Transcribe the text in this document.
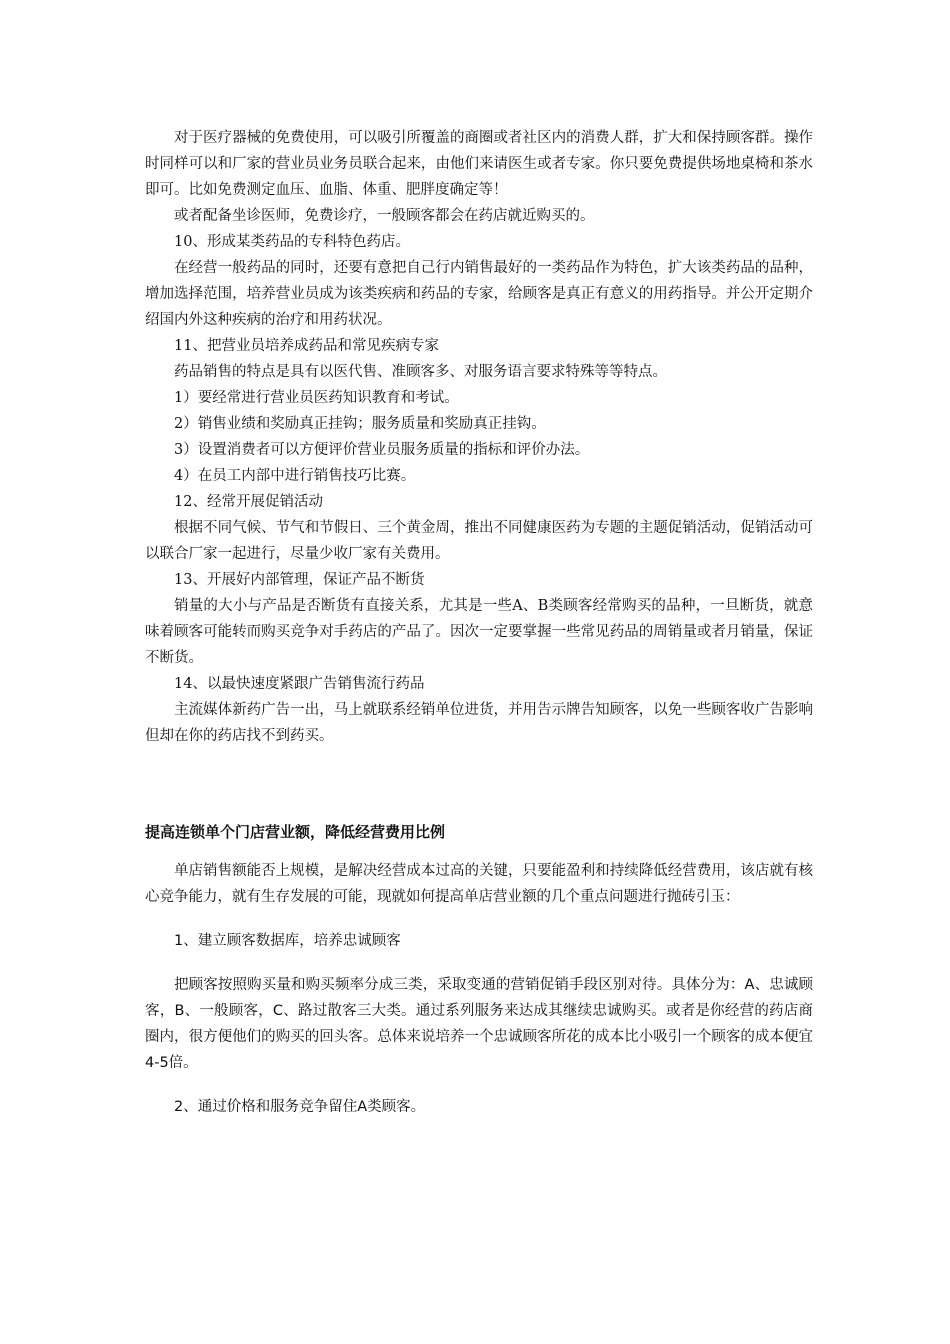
对于医疗器械的免费使用，可以吸引所覆盖的商圈或者社区内的消费人群，扩大和保持顾客群。操作时同样可以和厂家的营业员业务员联合起来，由他们来请医生或者专家。你只要免费提供场地桌椅和茶水即可。比如免费测定血压、血脂、体重、肥胖度确定等！

或者配备坐诊医师，免费诊疗，一般顾客都会在药店就近购买的。

10、形成某类药品的专科特色药店。

在经营一般药品的同时，还要有意把自己行内销售最好的一类药品作为特色，扩大该类药品的品种，增加选择范围，培养营业员成为该类疾病和药品的专家，给顾客是真正有意义的用药指导。并公开定期介绍国内外这种疾病的治疗和用药状况。

11、把营业员培养成药品和常见疾病专家

药品销售的特点是具有以医代售、准顾客多、对服务语言要求特殊等等特点。

1）要经常进行营业员医药知识教育和考试。

2）销售业绩和奖励真正挂钩；服务质量和奖励真正挂钩。

3）设置消费者可以方便评价营业员服务质量的指标和评价办法。

4）在员工内部中进行销售技巧比赛。

12、经常开展促销活动

根据不同气候、节气和节假日、三个黄金周，推出不同健康医药为专题的主题促销活动，促销活动可以联合厂家一起进行，尽量少收厂家有关费用。

13、开展好内部管理，保证产品不断货

销量的大小与产品是否断货有直接关系，尤其是一些A、B类顾客经常购买的品种，一旦断货，就意味着顾客可能转而购买竞争对手药店的产品了。因次一定要掌握一些常见药品的周销量或者月销量，保证不断货。

14、以最快速度紧跟广告销售流行药品

主流媒体新药广告一出，马上就联系经销单位进货，并用告示牌告知顾客，以免一些顾客收广告影响但却在你的药店找不到药买。

提高连锁单个门店营业额，降低经营费用比例

单店销售额能否上规模，是解决经营成本过高的关键，只要能盈利和持续降低经营费用，该店就有核心竞争能力，就有生存发展的可能，现就如何提高单店营业额的几个重点问题进行抛砖引玉：

1、建立顾客数据库，培养忠诚顾客

把顾客按照购买量和购买频率分成三类，采取变通的营销促销手段区别对待。具体分为：A、忠诚顾客，B、一般顾客，C、路过散客三大类。通过系列服务来达成其继续忠诚购买。或者是你经营的药店商圈内，很方便他们的购买的回头客。总体来说培养一个忠诚顾客所花的成本比小吸引一个顾客的成本便宜4-5倍。

2、通过价格和服务竞争留住A类顾客。
